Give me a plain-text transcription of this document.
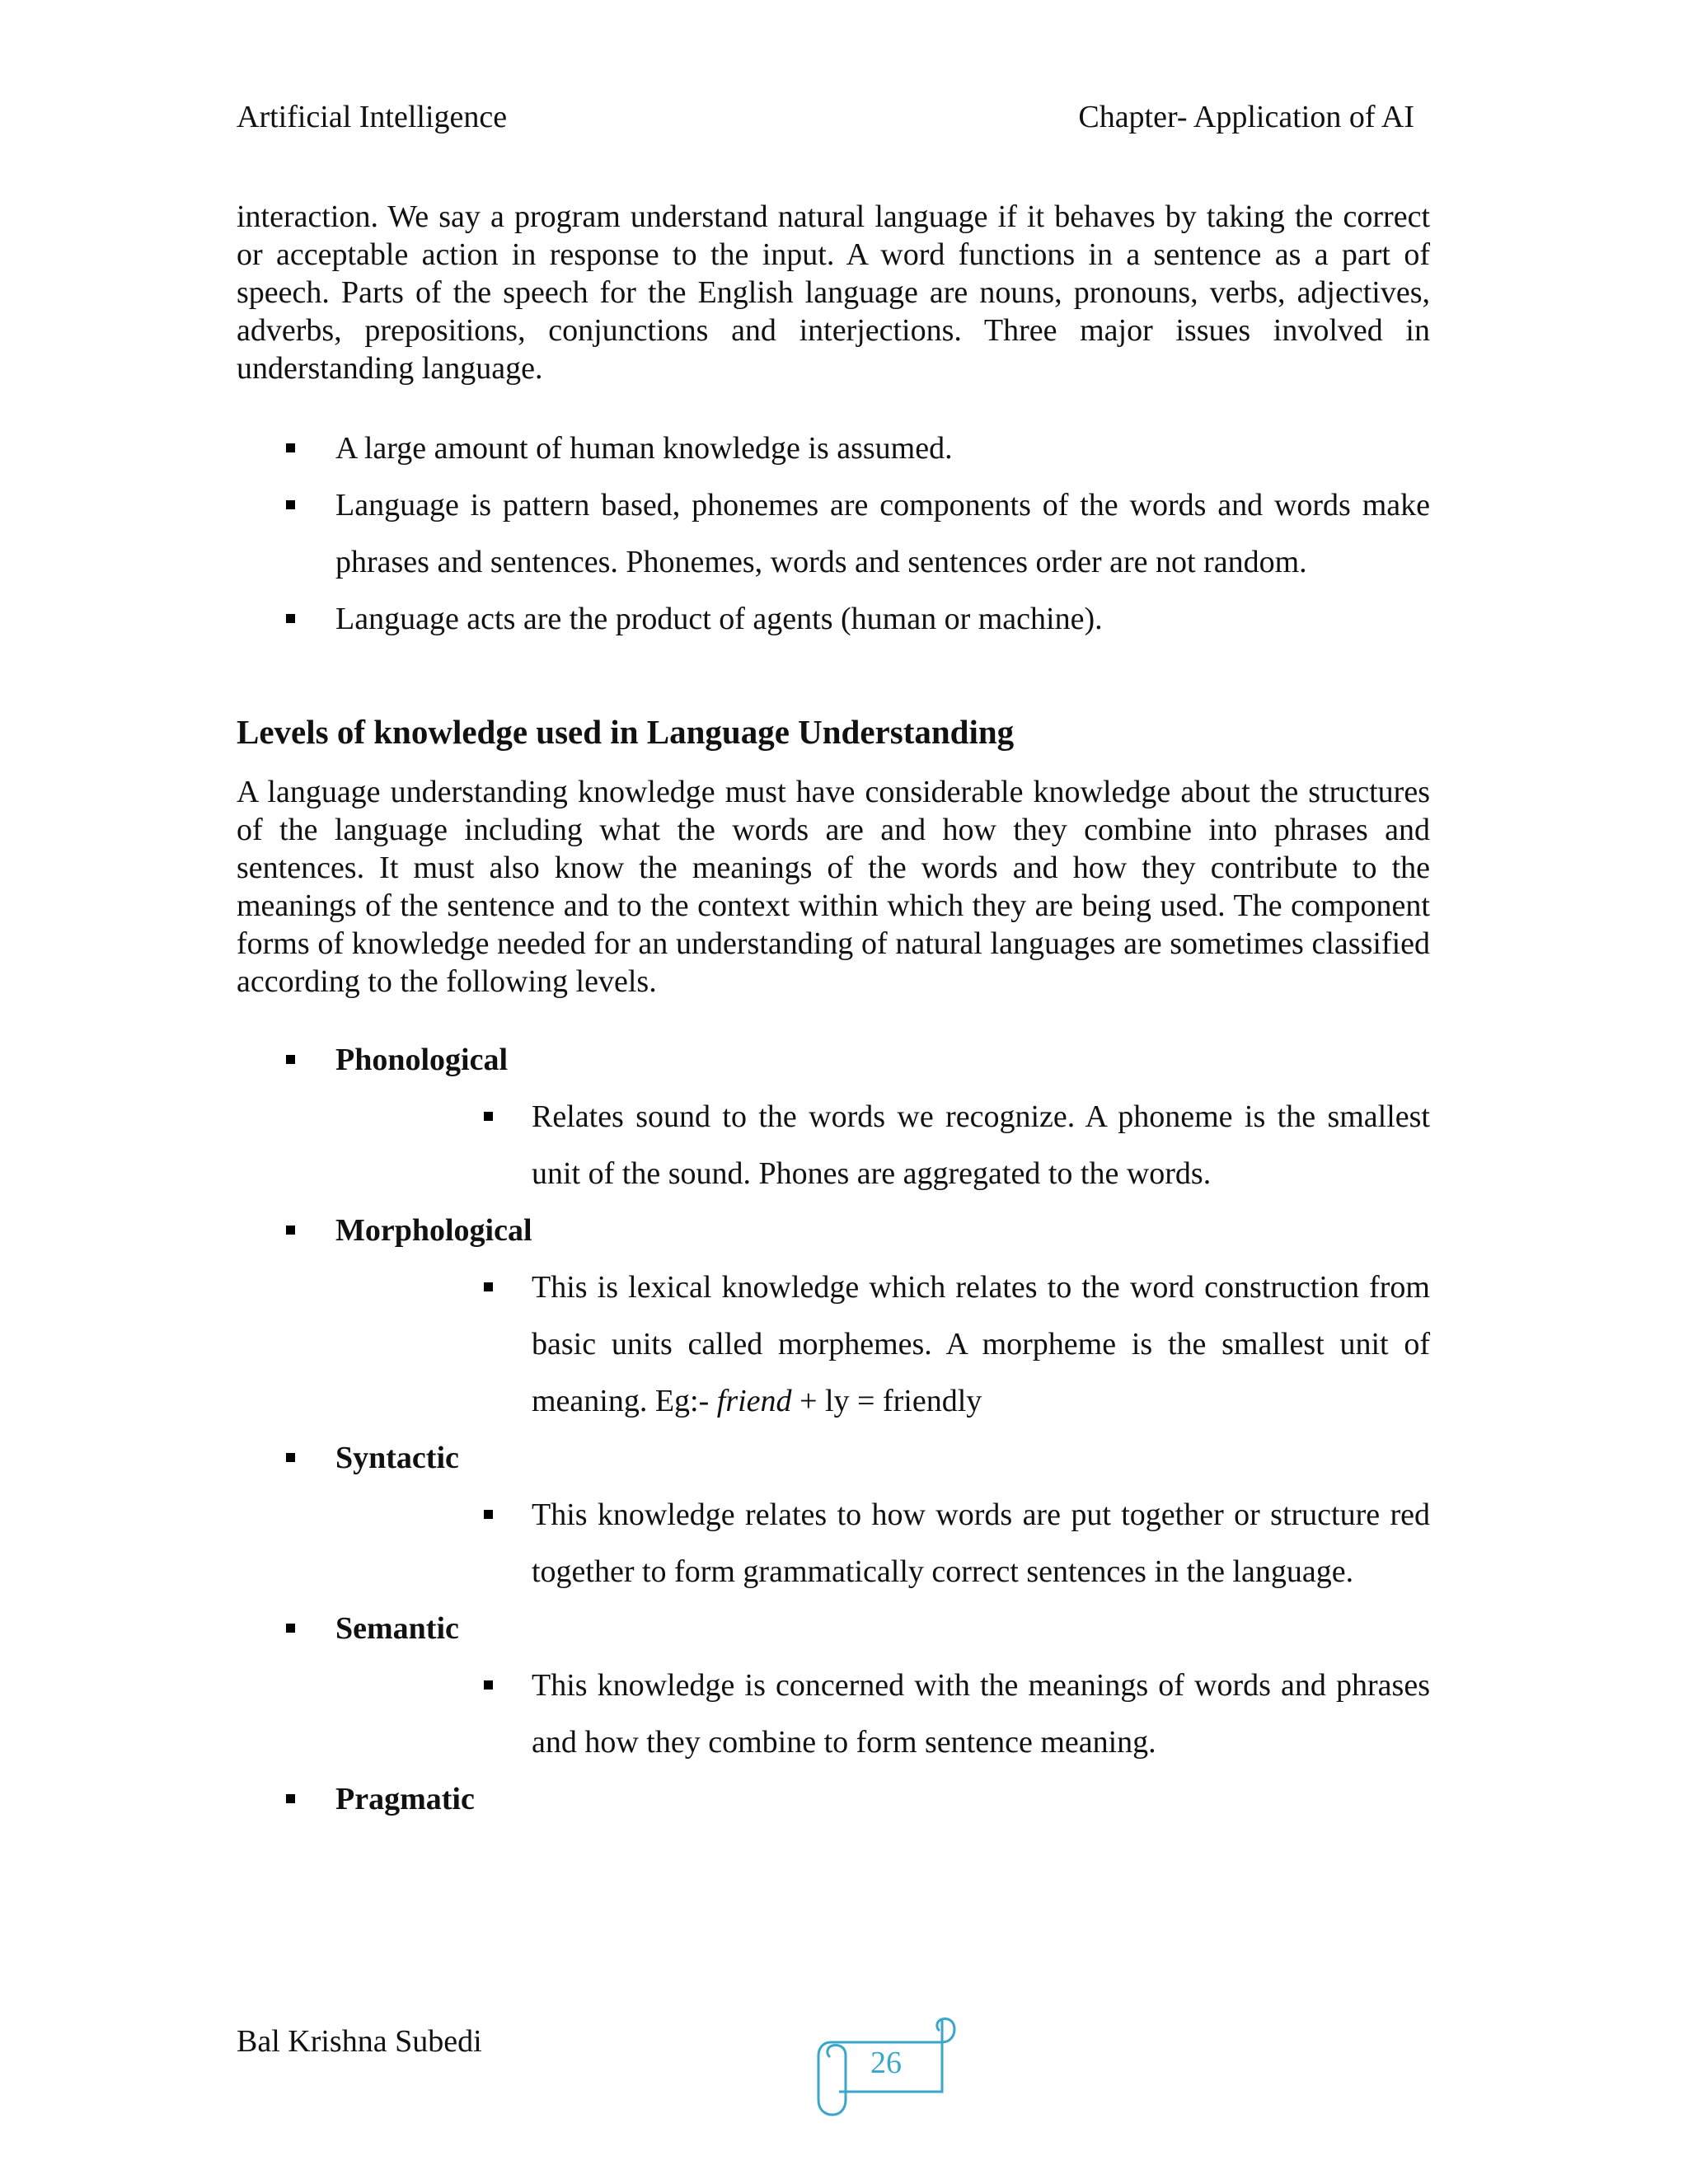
Artificial Intelligence	Chapter- Application of AI

interaction. We say a program understand natural language if it behaves by taking the correct or acceptable action in response to the input. A word functions in a sentence as a part of speech. Parts of the speech for the English language are nouns, pronouns, verbs, adjectives, adverbs, prepositions, conjunctions and interjections. Three major issues involved in understanding language.

A large amount of human knowledge is assumed.
Language is pattern based, phonemes are components of the words and words make phrases and sentences. Phonemes, words and sentences order are not random.
Language acts are the product of agents (human or machine).
Levels of knowledge used in Language Understanding

A language understanding knowledge must have considerable knowledge about the structures of the language including what the words are and how they combine into phrases and sentences. It must also know the meanings of the words and how they contribute to the meanings of the sentence and to the context within which they are being used. The component forms of knowledge needed for an understanding of natural languages are sometimes classified according to the following levels.

Phonological
Relates sound to the words we recognize. A phoneme is the smallest unit of the sound. Phones are aggregated to the words.
Morphological
This is lexical knowledge which relates to the word construction from basic units called morphemes. A morpheme is the smallest unit of meaning. Eg:- friend + ly = friendly
Syntactic
This knowledge relates to how words are put together or structure red together to form grammatically correct sentences in the language.
Semantic
This knowledge is concerned with the meanings of words and phrases and how they combine to form sentence meaning.
Pragmatic
Bal Krishna Subedi
26
